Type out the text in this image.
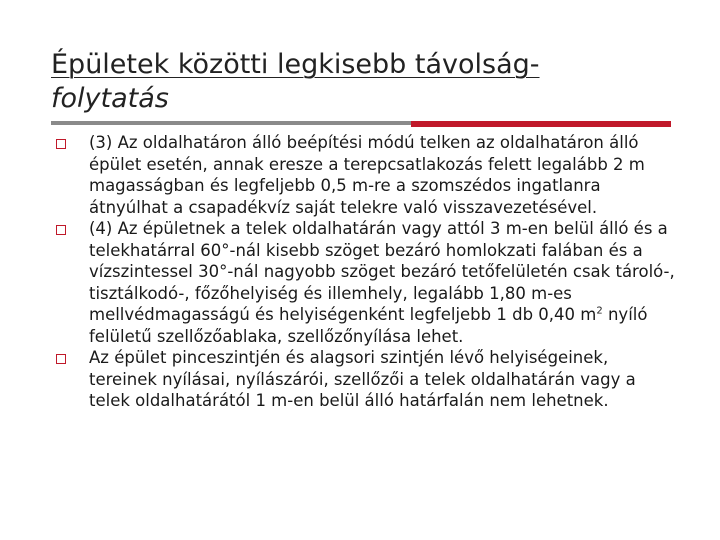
Épületek közötti legkisebb távolság-
folytatás
(3) Az oldalhatáron álló beépítési módú telken az oldalhatáron álló épület esetén, annak eresze a terepcsatlakozás felett legalább 2 m magasságban és legfeljebb 0,5 m-re a szomszédos ingatlanra átnyúlhat a csapadékvíz saját telekre való visszavezetésével.
(4) Az épületnek a telek oldalhatárán vagy attól 3 m-en belül álló és a telekhatárral 60°-nál kisebb szöget bezáró homlokzati falában és a vízszintessel 30°-nál nagyobb szöget bezáró tetőfelületén csak tároló-, tisztálkodó-, főzőhelyiség és illemhely, legalább 1,80 m-es mellvédmagasságú és helyiségenként legfeljebb 1 db 0,40 $m^2$ nyíló felületű szellőzőablaka, szellőzőnyílása lehet.
Az épület pinceszintjén és alagsori szintjén lévő helyiségeinek, tereinek nyílásai, nyílászárói, szellőzői a telek oldalhatárán vagy a telek oldalhatárától 1 m-en belül álló határfalán nem lehetnek.
